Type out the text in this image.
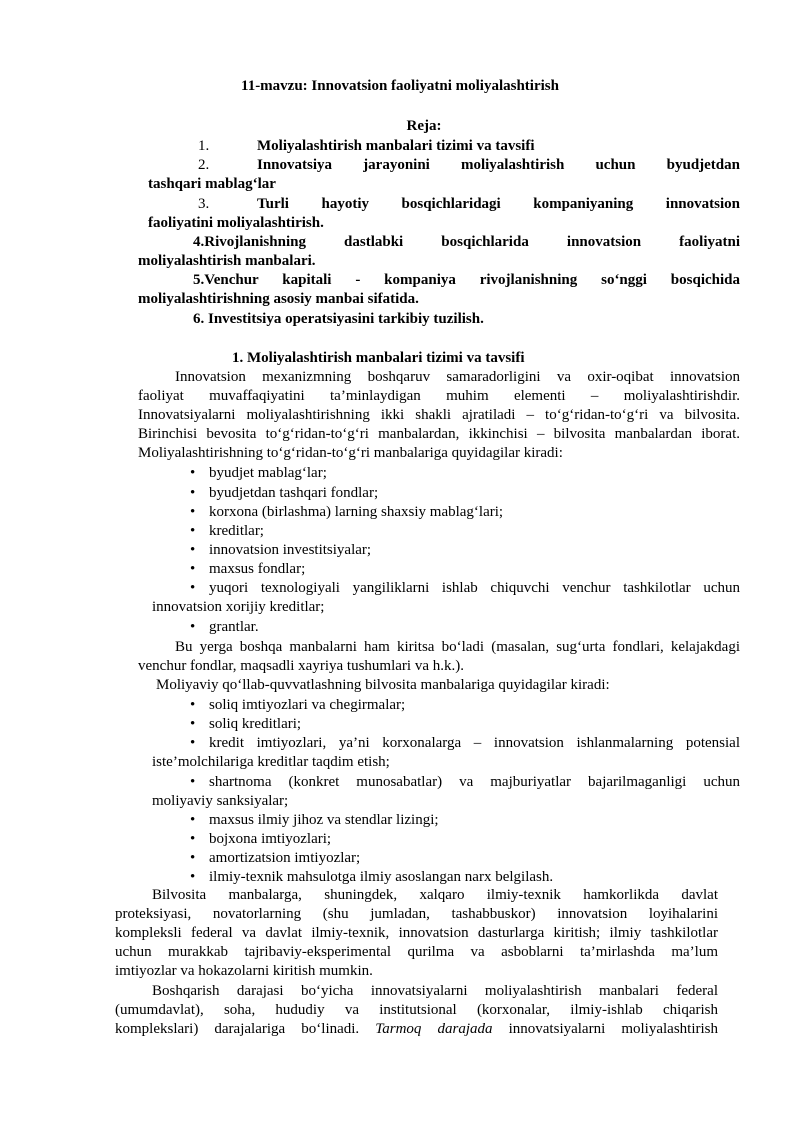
11-mavzu: Innovatsion faoliyatni moliyalashtirish
Reja:
1.	Moliyalashtirish manbalari tizimi va tavsifi
2.	Innovatsiya jarayonini moliyalashtirish uchun byudjetdan
tashqari mablag‘lar
3.	Turli hayotiy bosqichlaridagi kompaniyaning innovatsion
faoliyatini moliyalashtirish.
4.Rivojlanishning dastlabki bosqichlarida innovatsion faoliyatni
moliyalashtirish manbalari.
5.Venchur kapitali - kompaniya rivojlanishning so‘nggi bosqichida
moliyalashtirishning asosiy manbai sifatida.
6. Investitsiya operatsiyasini tarkibiy tuzilish.
1. Moliyalashtirish manbalari tizimi va tavsifi
Innovatsion mexanizmning boshqaruv samaradorligini va oxir-oqibat innovatsion
faoliyat muvaffaqiyatini ta’minlaydigan muhim elementi – moliyalashtirishdir.
Innovatsiyalarni moliyalashtirishning ikki shakli ajratiladi – to‘g‘ridan-to‘g‘ri va bilvosita.
Birinchisi bevosita to‘g‘ridan-to‘g‘ri manbalardan, ikkinchisi – bilvosita manbalardan iborat.
Moliyalashtirishning to‘g‘ridan-to‘g‘ri manbalariga quyidagilar kiradi:
• byudjet mablag‘lar;
• byudjetdan tashqari fondlar;
• korxona (birlashma) larning shaxsiy mablag‘lari;
• kreditlar;
• innovatsion investitsiyalar;
• maxsus fondlar;
• yuqori texnologiyali yangiliklarni ishlab chiquvchi venchur tashkilotlar uchun
innovatsion xorijiy kreditlar;
• grantlar.
Bu yerga boshqa manbalarni ham kiritsa bo‘ladi (masalan, sug‘urta fondlari, kelajakdagi
venchur fondlar, maqsadli xayriya tushumlari va h.k.).
Moliyaviy qo‘llab-quvvatlashning bilvosita manbalariga quyidagilar kiradi:
• soliq imtiyozlari va chegirmalar;
• soliq kreditlari;
• kredit imtiyozlari, ya’ni korxonalarga – innovatsion ishlanmalarning potensial
iste’molchilariga kreditlar taqdim etish;
• shartnoma (konkret munosabatlar) va majburiyatlar bajarilmaganligi uchun
moliyaviy sanksiyalar;
• maxsus ilmiy jihoz va stendlar lizingi;
• bojxona imtiyozlari;
• amortizatsion imtiyozlar;
• ilmiy-texnik mahsulotga ilmiy asoslangan narx belgilash.
Bilvosita manbalarga, shuningdek, xalqaro ilmiy-texnik hamkorlikda davlat
proteksiyasi, novatorlarning (shu jumladan, tashabbuskor) innovatsion loyihalarini
kompleksli federal va davlat ilmiy-texnik, innovatsion dasturlarga kiritish; ilmiy tashkilotlar
uchun murakkab tajribaviy-eksperimental qurilma va asboblarni ta’mirlashda ma’lum
imtiyozlar va hokazolarni kiritish mumkin.
Boshqarish darajasi bo‘yicha innovatsiyalarni moliyalashtirish manbalari federal
(umumdavlat), soha, hududiy va institutsional (korxonalar, ilmiy-ishlab chiqarish
komplekslari) darajalariga bo‘linadi. Tarmoq darajada innovatsiyalarni moliyalashtirish
